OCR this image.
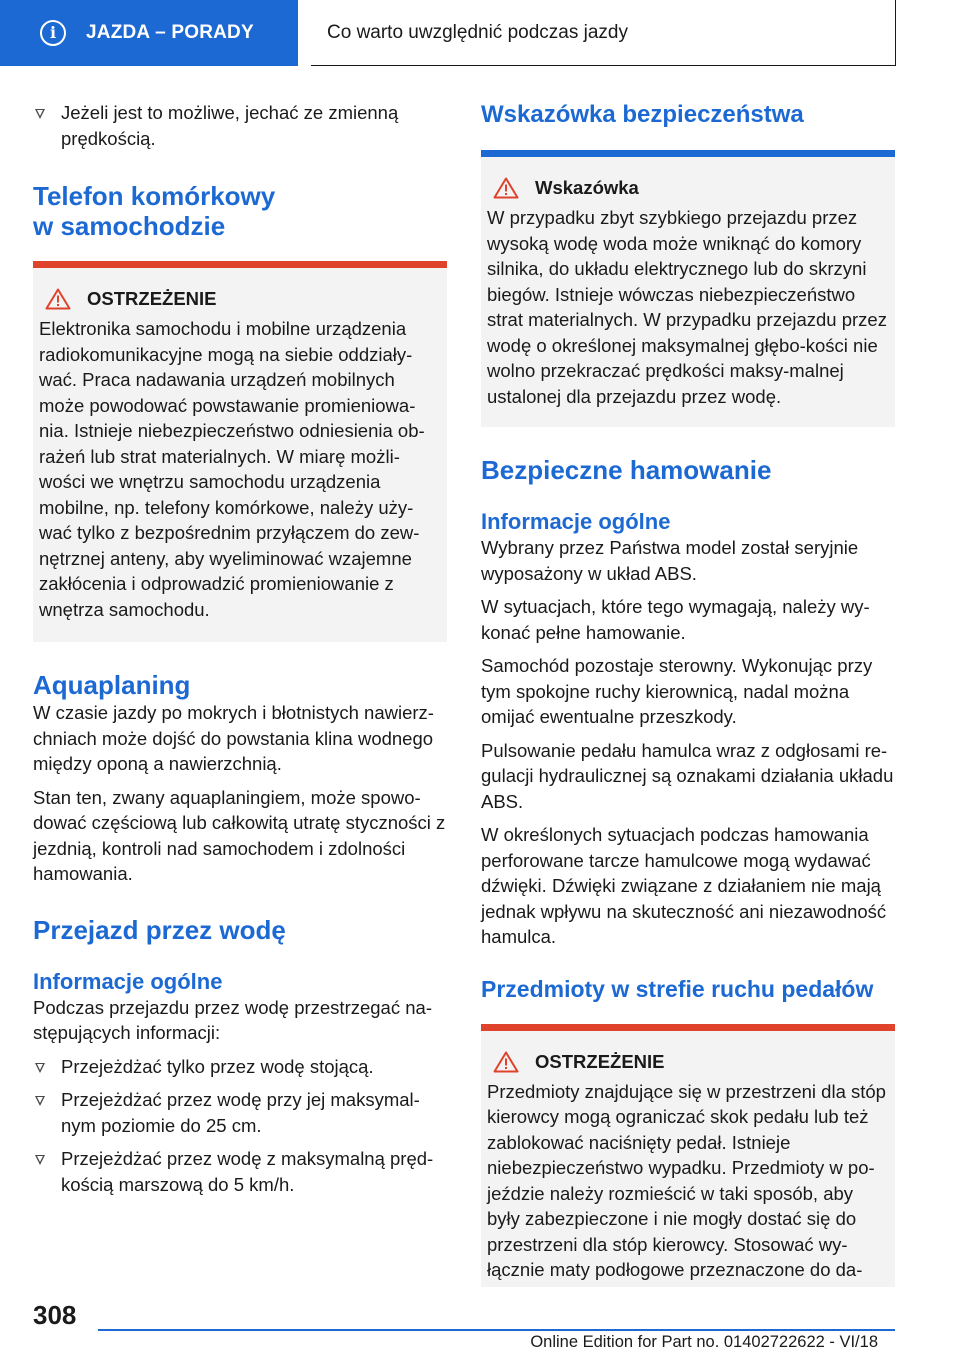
i	JAZDA – PORADY	Co warto uwzględnić podczas jazdy
Jeżeli jest to możliwe, jechać ze zmienną prędkością.
Telefon komórkowy
w samochodzie
OSTRZEŻENIE
Elektronika samochodu i mobilne urządzenia radiokomunikacyjne mogą na siebie oddziały-wać. Praca nadawania urządzeń mobilnych może powodować powstawanie promieniowa-nia. Istnieje niebezpieczeństwo odniesienia ob-rażeń lub strat materialnych. W miarę możli-wości we wnętrzu samochodu urządzenia mobilne, np. telefony komórkowe, należy uży-wać tylko z bezpośrednim przyłączem do zew-nętrznej anteny, aby wyeliminować wzajemne zakłócenia i odprowadzić promieniowanie z wnętrza samochodu.
Aquaplaning

W czasie jazdy po mokrych i błotnistych nawierz-chniach może dojść do powstania klina wodnego między oponą a nawierzchnią.

Stan ten, zwany aquaplaningiem, może spowo-dować częściową lub całkowitą utratę styczności z jezdnią, kontroli nad samochodem i zdolności hamowania.

Przejazd przez wodę
Informacje ogólne

Podczas przejazdu przez wodę przestrzegać na-stępujących informacji:

Przejeżdżać tylko przez wodę stojącą.
Przejeżdżać przez wodę przy jej maksymal-nym poziomie do 25 cm.
Przejeżdżać przez wodę z maksymalną pręd-kością marszową do 5 km/h.
Wskazówka bezpieczeństwa
Wskazówka
W przypadku zbyt szybkiego przejazdu przez wysoką wodę woda może wniknąć do komory silnika, do układu elektrycznego lub do skrzyni biegów. Istnieje wówczas niebezpieczeństwo strat materialnych. W przypadku przejazdu przez wodę o określonej maksymalnej głębo-kości nie wolno przekraczać prędkości maksy-malnej ustalonej dla przejazdu przez wodę.
Bezpieczne hamowanie
Informacje ogólne

Wybrany przez Państwa model został seryjnie wyposażony w układ ABS.

W sytuacjach, które tego wymagają, należy wy-konać pełne hamowanie.

Samochód pozostaje sterowny. Wykonując przy tym spokojne ruchy kierownicą, nadal można omijać ewentualne przeszkody.

Pulsowanie pedału hamulca wraz z odgłosami re-gulacji hydraulicznej są oznakami działania układu ABS.

W określonych sytuacjach podczas hamowania perforowane tarcze hamulcowe mogą wydawać dźwięki. Dźwięki związane z działaniem nie mają jednak wpływu na skuteczność ani niezawodność hamulca.

Przedmioty w strefie ruchu pedałów
OSTRZEŻENIE
Przedmioty znajdujące się w przestrzeni dla stóp kierowcy mogą ograniczać skok pedału lub też zablokować naciśnięty pedał. Istnieje niebezpieczeństwo wypadku. Przedmioty w po-jeździe należy rozmieścić w taki sposób, aby były zabezpieczone i nie mogły dostać się do przestrzeni dla stóp kierowcy. Stosować wy-łącznie maty podłogowe przeznaczone do da-
308
Online Edition for Part no. 01402722622 - VI/18
